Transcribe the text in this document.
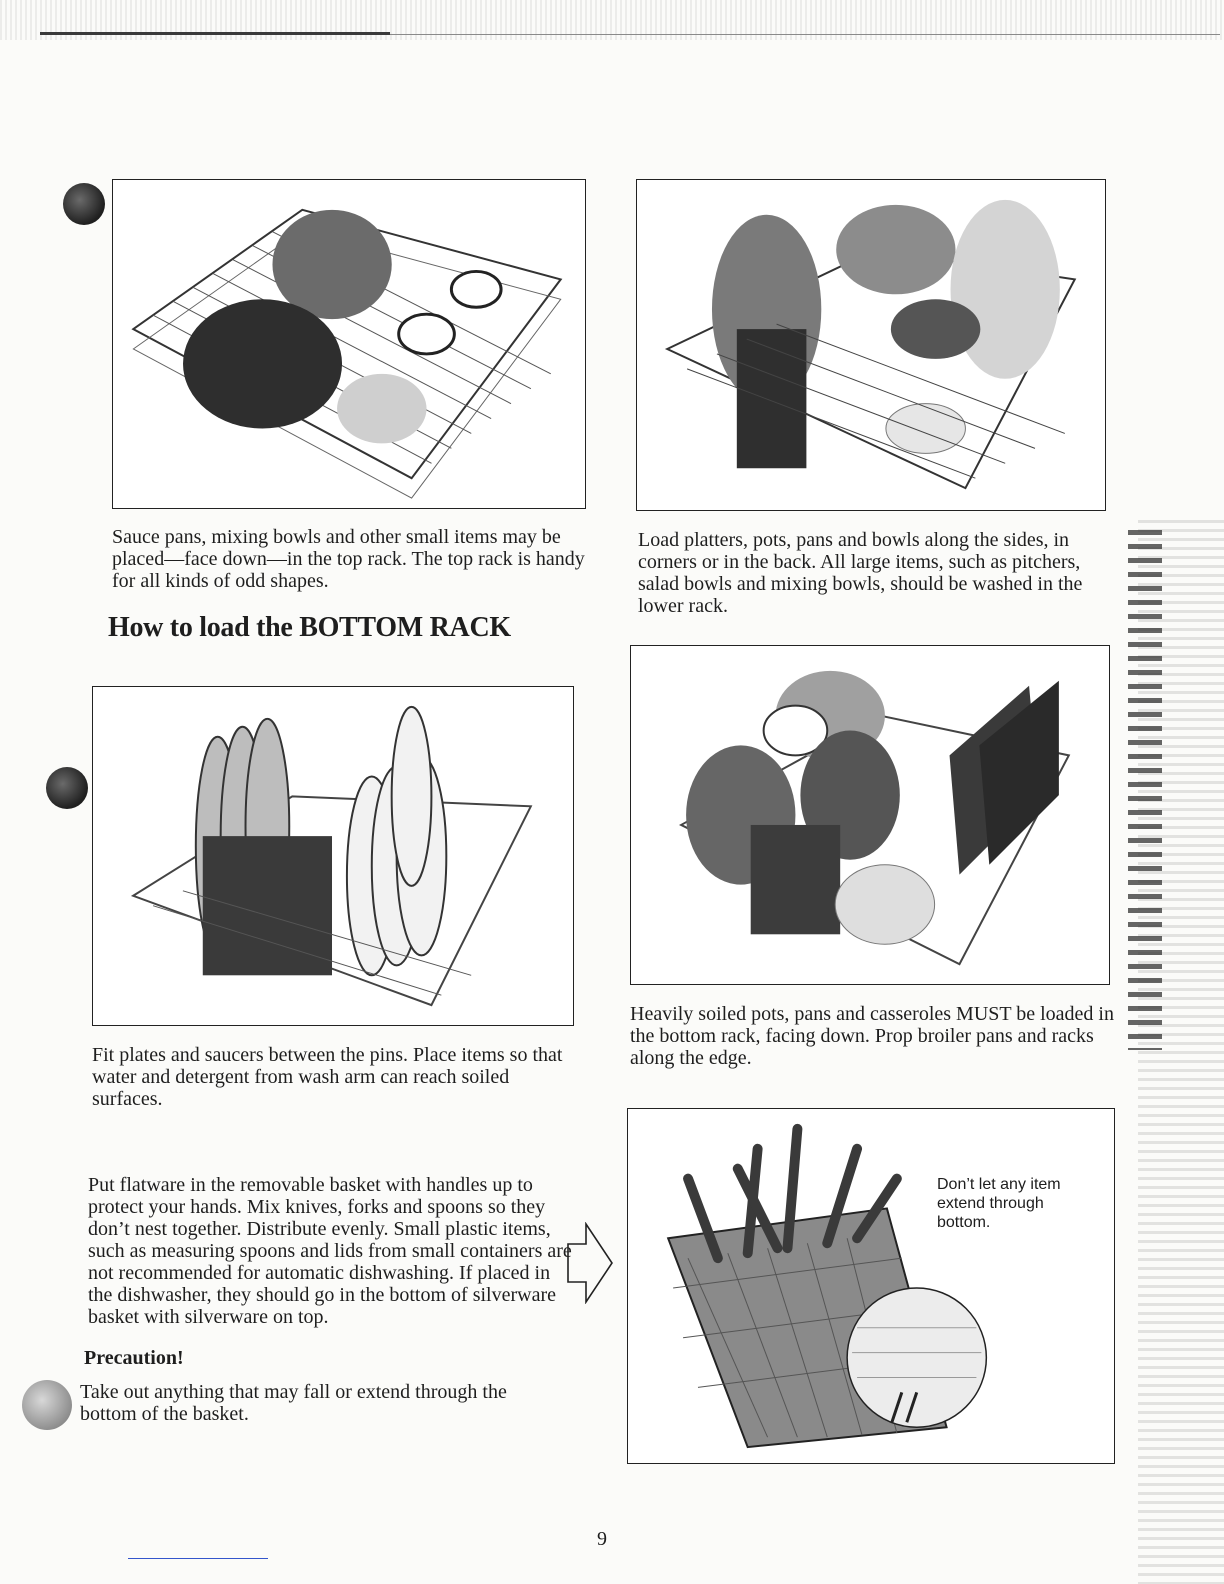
Sauce pans, mixing bowls and other small items may be placed—face down—in the top rack. The top rack is handy for all kinds of odd shapes.
Load platters, pots, pans and bowls along the sides, in corners or in the back. All large items, such as pitchers, salad bowls and mixing bowls, should be washed in the lower rack.
How to load the BOTTOM RACK
Fit plates and saucers between the pins. Place items so that water and detergent from wash arm can reach soiled surfaces.
Heavily soiled pots, pans and casseroles MUST be loaded in the bottom rack, facing down. Prop broiler pans and racks along the edge.
Put flatware in the removable basket with handles up to protect your hands. Mix knives, forks and spoons so they don’t nest together. Distribute evenly. Small plastic items, such as measuring spoons and lids from small containers are not recommended for automatic dishwashing. If placed in the dishwasher, they should go in the bottom of silverware basket with silverware on top.
Precaution!
Take out anything that may fall or extend through the bottom of the basket.
Don’t let any item extend through bottom.
9
